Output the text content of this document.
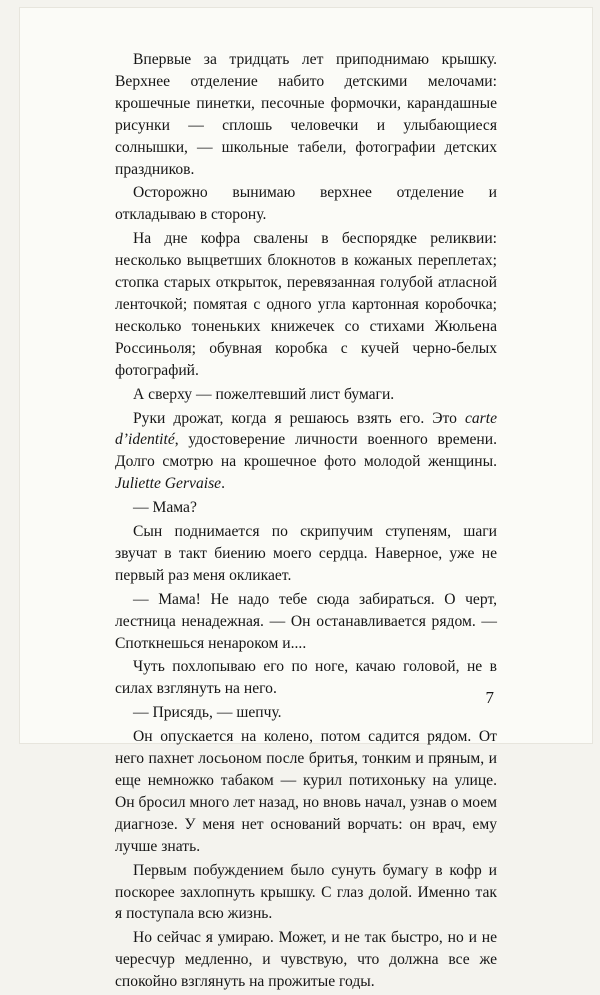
Впервые за тридцать лет приподнимаю крышку. Верхнее отделение набито детскими мелочами: крошечные пинетки, песочные формочки, карандашные рисунки — сплошь человечки и улыбающиеся солнышки, — школьные табели, фотографии детских праздников.

Осторожно вынимаю верхнее отделение и откладываю в сторону.

На дне кофра свалены в беспорядке реликвии: несколько выцветших блокнотов в кожаных переплетах; стопка старых открыток, перевязанная голубой атласной ленточкой; помятая с одного угла картонная коробочка; несколько тоненьких книжечек со стихами Жюльена Россиньоля; обувная коробка с кучей черно-белых фотографий.

А сверху — пожелтевший лист бумаги.

Руки дрожат, когда я решаюсь взять его. Это carte d’identité, удостоверение личности военного времени. Долго смотрю на крошечное фото молодой женщины. Juliette Gervaise.

— Мама?

Сын поднимается по скрипучим ступеням, шаги звучат в такт биению моего сердца. Наверное, уже не первый раз меня окликает.

— Мама! Не надо тебе сюда забираться. О черт, лестница ненадежная. — Он останавливается рядом. — Споткнешься ненароком и....

Чуть похлопываю его по ноге, качаю головой, не в силах взглянуть на него.

— Присядь, — шепчу.

Он опускается на колено, потом садится рядом. От него пахнет лосьоном после бритья, тонким и пряным, и еще немножко табаком — курил потихоньку на улице. Он бросил много лет назад, но вновь начал, узнав о моем диагнозе. У меня нет оснований ворчать: он врач, ему лучше знать.

Первым побуждением было сунуть бумагу в кофр и поскорее захлопнуть крышку. С глаз долой. Именно так я поступала всю жизнь.

Но сейчас я умираю. Может, и не так быстро, но и не чересчур медленно, и чувствую, что должна все же спокойно взглянуть на прожитые годы.

7
